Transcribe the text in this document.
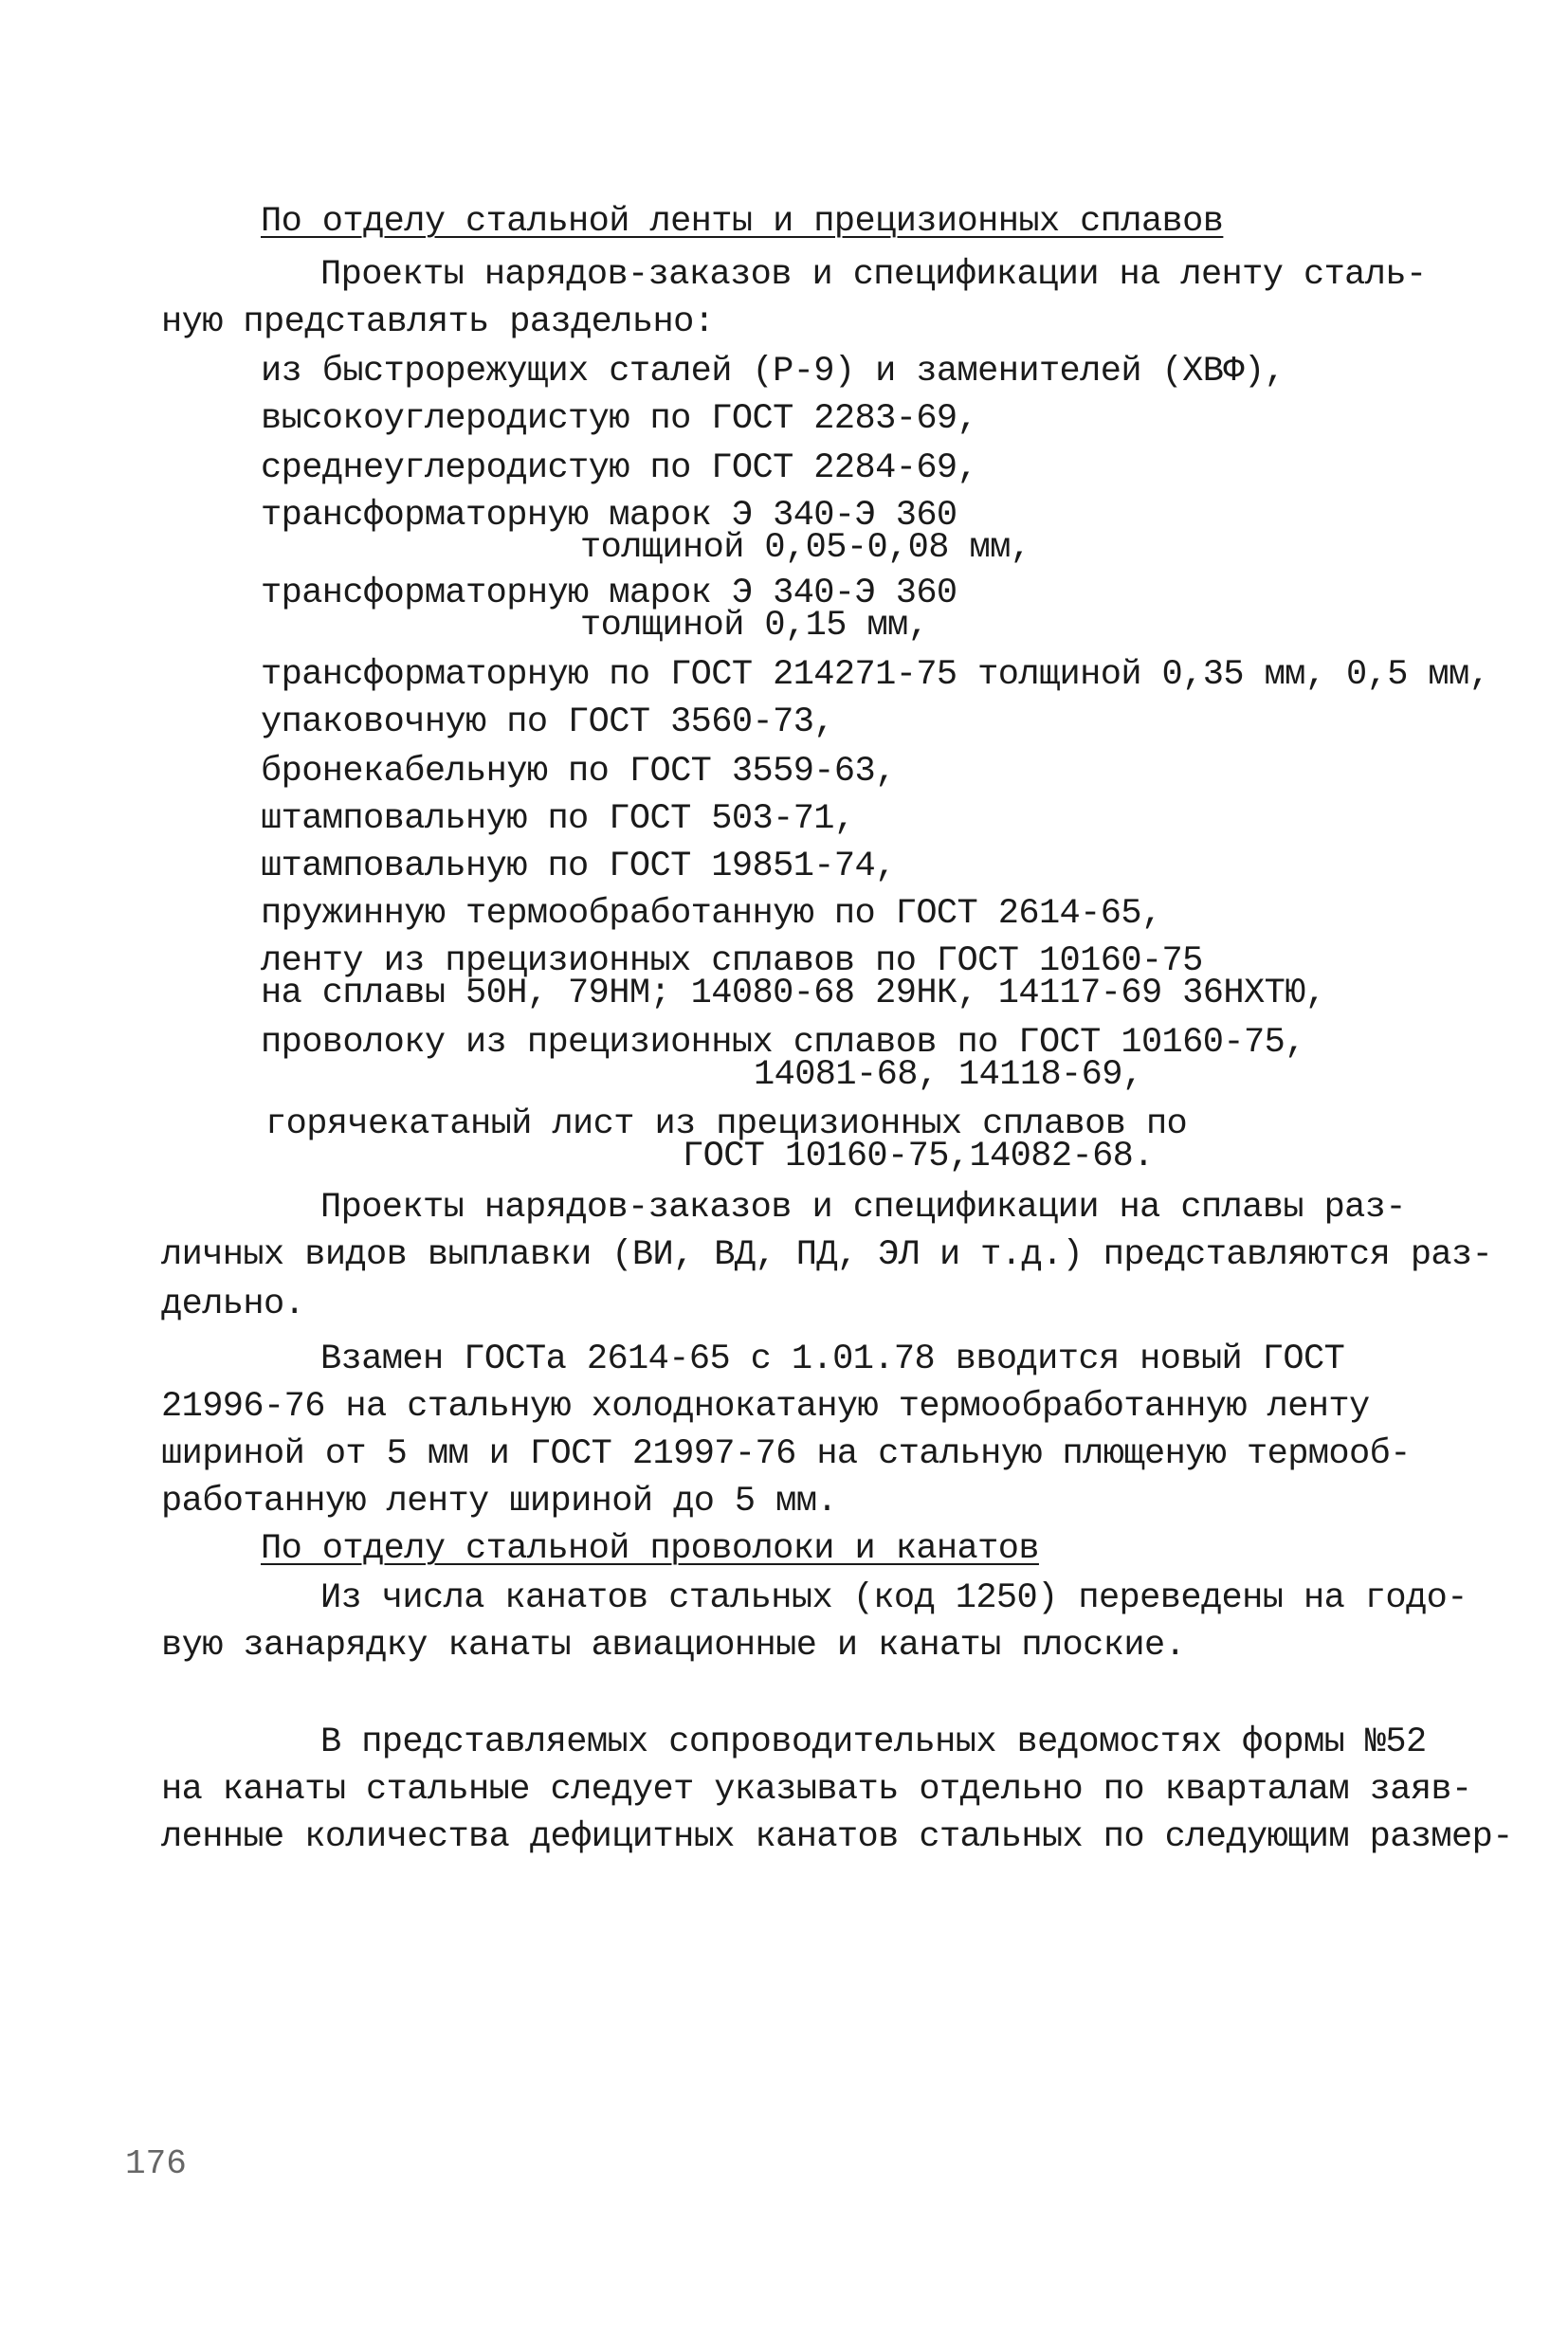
По отделу стальной ленты и прецизионных сплавов
Проекты нарядов-заказов и спецификации на ленту сталь-
ную представлять раздельно:
из быстрорежущих сталей (Р-9) и заменителей (ХВФ),
высокоуглеродистую по ГОСТ 2283-69,
среднеуглеродистую по ГОСТ 2284-69,
трансформаторную марок Э 340-Э 360
толщиной 0,05-0,08 мм,
трансформаторную марок Э 340-Э 360
толщиной 0,15 мм,
трансформаторную по ГОСТ 214271-75 толщиной 0,35 мм, 0,5 мм,
упаковочную по ГОСТ 3560-73,
бронекабельную по ГОСТ 3559-63,
штамповальную по ГОСТ 503-71,
штамповальную по ГОСТ 19851-74,
пружинную термообработанную по ГОСТ 2614-65,
ленту из прецизионных сплавов по ГОСТ 10160-75
на сплавы 50Н, 79НМ; 14080-68 29НК, 14117-69 36НХТЮ,
проволоку из прецизионных сплавов по ГОСТ 10160-75,
14081-68, 14118-69,
горячекатаный лист из прецизионных сплавов по
ГОСТ 10160-75,14082-68.
Проекты нарядов-заказов и спецификации на сплавы раз-
личных видов выплавки (ВИ, ВД, ПД, ЭЛ и т.д.) представляются раз-
дельно.
Взамен ГОСТа 2614-65 с 1.01.78 вводится новый ГОСТ
21996-76 на стальную холоднокатаную термообработанную ленту
шириной от 5 мм и ГОСТ 21997-76 на стальную плющеную термооб-
работанную ленту шириной до 5 мм.
По отделу стальной проволоки и канатов
Из числа канатов стальных (код 1250) переведены на годо-
вую занарядку канаты авиационные и канаты плоские.
В представляемых сопроводительных ведомостях формы №52
на канаты стальные следует указывать отдельно по кварталам заяв-
ленные количества дефицитных канатов стальных по следующим размер-
176
